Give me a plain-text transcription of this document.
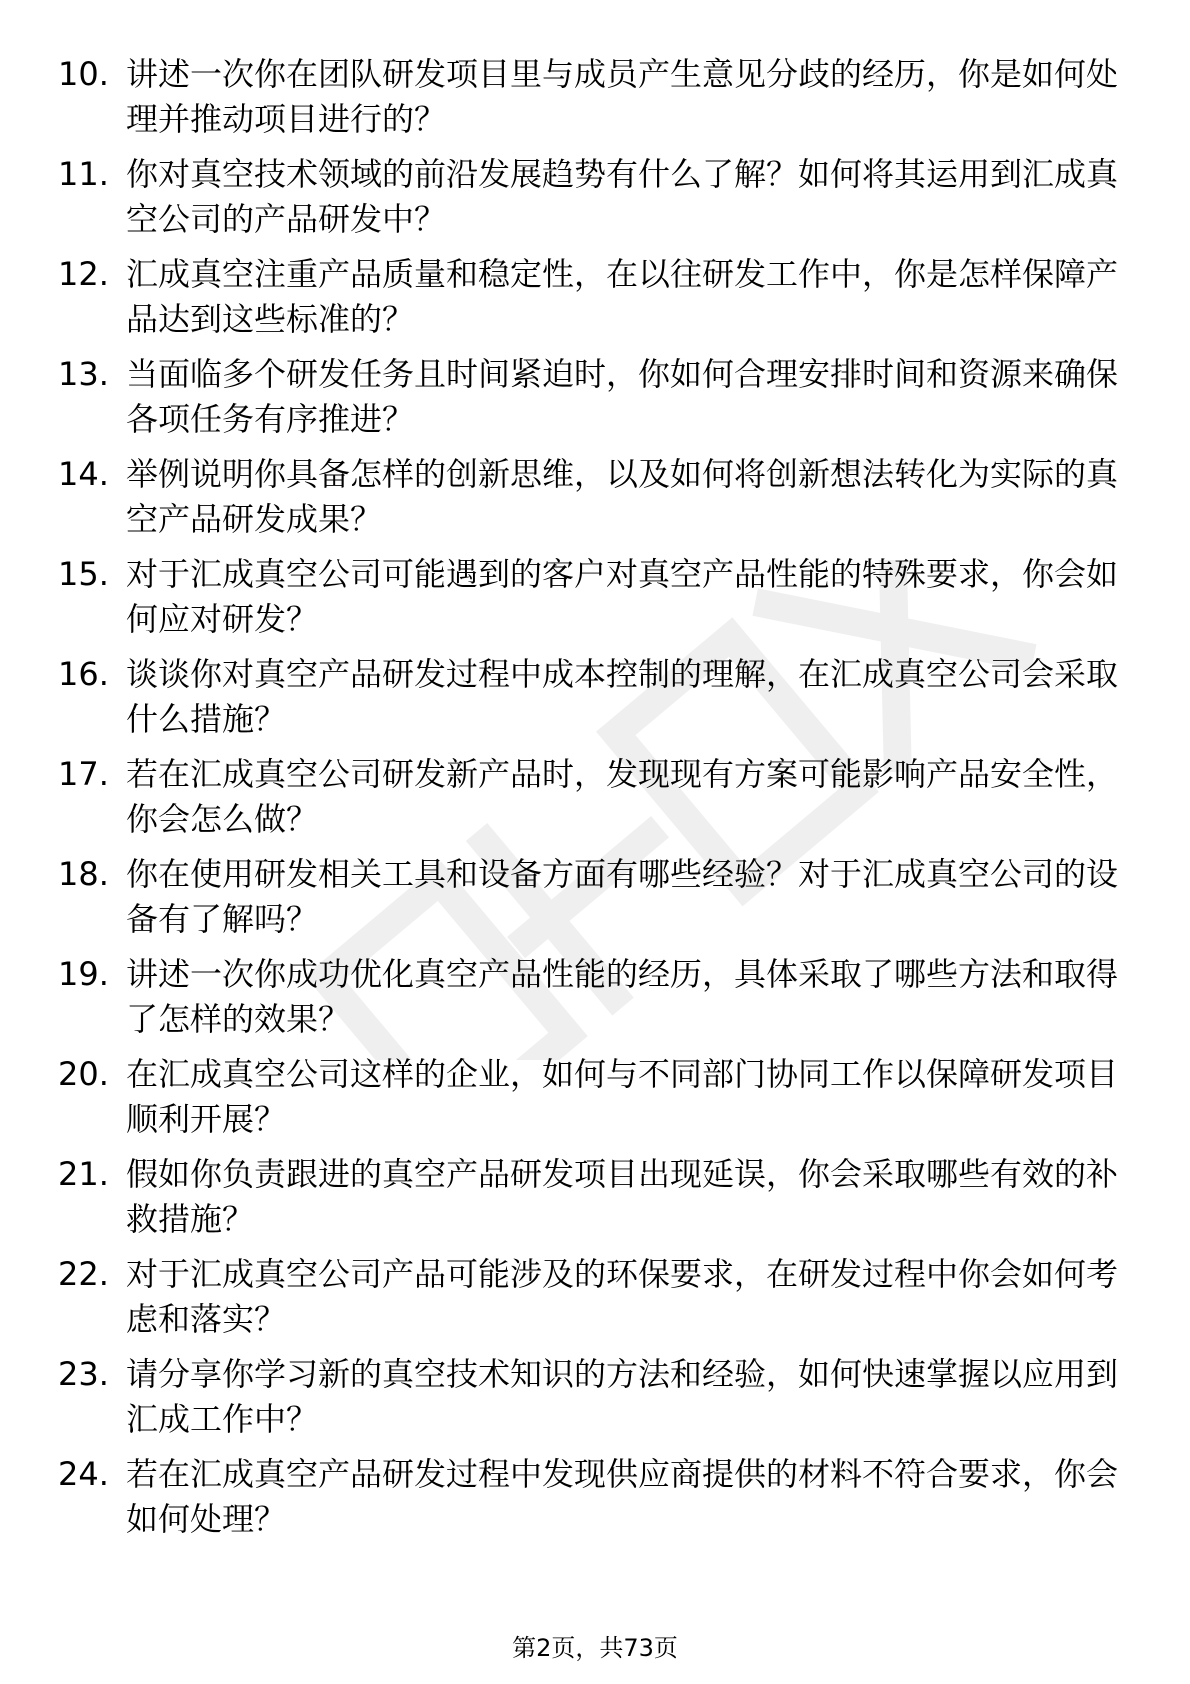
10. 讲述一次你在团队研发项目里与成员产生意见分歧的经历，你是如何处理并推动项目进行的？
11. 你对真空技术领域的前沿发展趋势有什么了解？如何将其运用到汇成真空公司的产品研发中？
12. 汇成真空注重产品质量和稳定性，在以往研发工作中，你是怎样保障产品达到这些标准的？
13. 当面临多个研发任务且时间紧迫时，你如何合理安排时间和资源来确保各项任务有序推进？
14. 举例说明你具备怎样的创新思维，以及如何将创新想法转化为实际的真空产品研发成果？
15. 对于汇成真空公司可能遇到的客户对真空产品性能的特殊要求，你会如何应对研发？
16. 谈谈你对真空产品研发过程中成本控制的理解，在汇成真空公司会采取什么措施？
17. 若在汇成真空公司研发新产品时，发现现有方案可能影响产品安全性，你会怎么做？
18. 你在使用研发相关工具和设备方面有哪些经验？对于汇成真空公司的设备有了解吗？
19. 讲述一次你成功优化真空产品性能的经历，具体采取了哪些方法和取得了怎样的效果？
20. 在汇成真空公司这样的企业，如何与不同部门协同工作以保障研发项目顺利开展？
21. 假如你负责跟进的真空产品研发项目出现延误，你会采取哪些有效的补救措施？
22. 对于汇成真空公司产品可能涉及的环保要求，在研发过程中你会如何考虑和落实？
23. 请分享你学习新的真空技术知识的方法和经验，如何快速掌握以应用到汇成工作中？
24. 若在汇成真空产品研发过程中发现供应商提供的材料不符合要求，你会如何处理？
第2页，共73页
